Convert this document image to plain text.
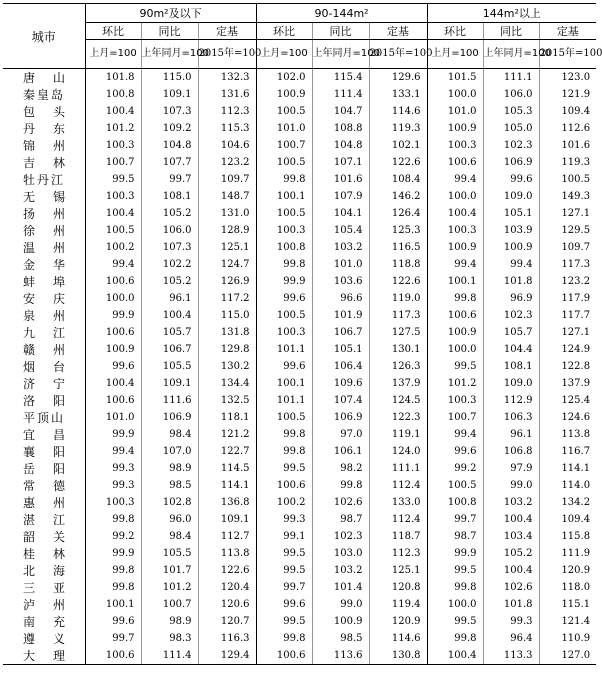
城市	90m²及以下			90-144m²			144m²以上		
	环比	同比	定基	环比	同比	定基	环比	同比	定基
	上月=100	上年同月=100	2015年=100	上月=100	上年同月=100	2015年=100	上月=100	上年同月=100	2015年=100
唐山	101.8	115.0	132.3	102.0	115.4	129.6	101.5	111.1	123.0
秦皇岛	100.8	109.1	131.6	100.9	111.4	133.1	100.0	106.0	121.9
包头	100.4	107.3	112.3	100.5	104.7	114.6	101.0	105.3	109.4
丹东	101.2	109.2	115.3	101.0	108.8	119.3	100.9	105.0	112.6
锦州	100.3	104.8	104.6	100.7	104.8	102.1	100.3	102.3	101.6
吉林	100.7	107.7	123.2	100.5	107.1	122.6	100.6	106.9	119.3
牡丹江	99.5	99.7	109.7	99.8	101.6	108.4	99.4	99.6	100.5
无锡	100.3	108.1	148.7	100.1	107.9	146.2	100.0	109.0	149.3
扬州	100.4	105.2	131.0	100.5	104.1	126.4	100.4	105.1	127.1
徐州	100.5	106.0	128.9	100.3	105.4	125.3	100.3	103.9	129.5
温州	100.2	107.3	125.1	100.8	103.2	116.5	100.9	100.9	109.7
金华	99.4	102.2	124.7	99.8	101.0	118.8	99.4	99.4	117.3
蚌埠	100.6	105.2	126.9	99.9	103.6	122.6	100.1	101.8	123.2
安庆	100.0	96.1	117.2	99.6	96.6	119.0	99.8	96.9	117.9
泉州	99.9	100.4	115.0	100.5	101.9	117.3	100.6	102.3	117.7
九江	100.6	105.7	131.8	100.3	106.7	127.5	100.9	105.7	127.1
赣州	100.9	106.7	129.8	101.1	105.1	130.1	100.0	104.4	124.9
烟台	99.6	105.5	130.2	99.6	106.4	126.3	99.5	108.1	122.8
济宁	100.4	109.1	134.4	100.1	109.6	137.9	101.2	109.0	137.9
洛阳	100.6	111.6	132.5	101.1	107.4	124.5	100.3	112.9	125.4
平顶山	101.0	106.9	118.1	100.5	106.9	122.3	100.7	106.3	124.6
宜昌	99.9	98.4	121.2	99.8	97.0	119.1	99.4	96.1	113.8
襄阳	99.4	107.0	122.7	99.8	106.1	124.0	99.6	106.8	116.7
岳阳	99.3	98.9	114.5	99.5	98.2	111.1	99.2	97.9	114.1
常德	99.3	98.5	114.1	100.6	99.8	112.4	100.5	99.0	114.0
惠州	100.3	102.8	136.8	100.2	102.6	133.0	100.8	103.2	134.2
湛江	99.8	96.0	109.1	99.3	98.7	112.4	99.7	100.4	109.4
韶关	99.2	98.4	112.7	99.1	102.3	118.7	98.7	103.4	115.8
桂林	99.9	105.5	113.8	99.5	103.0	112.3	99.9	105.2	111.9
北海	99.8	101.7	122.6	99.5	103.2	125.1	99.5	100.4	120.9
三亚	99.8	101.2	120.4	99.7	101.4	120.8	99.8	102.6	118.0
泸州	100.1	100.7	120.6	99.6	99.0	119.4	100.0	101.8	115.1
南充	99.6	98.9	120.7	99.5	100.9	120.9	99.5	99.3	121.4
遵义	99.7	98.3	116.3	99.8	98.5	114.6	99.8	96.4	110.9
大理	100.6	111.4	129.4	100.6	113.6	130.8	100.4	113.3	127.0
